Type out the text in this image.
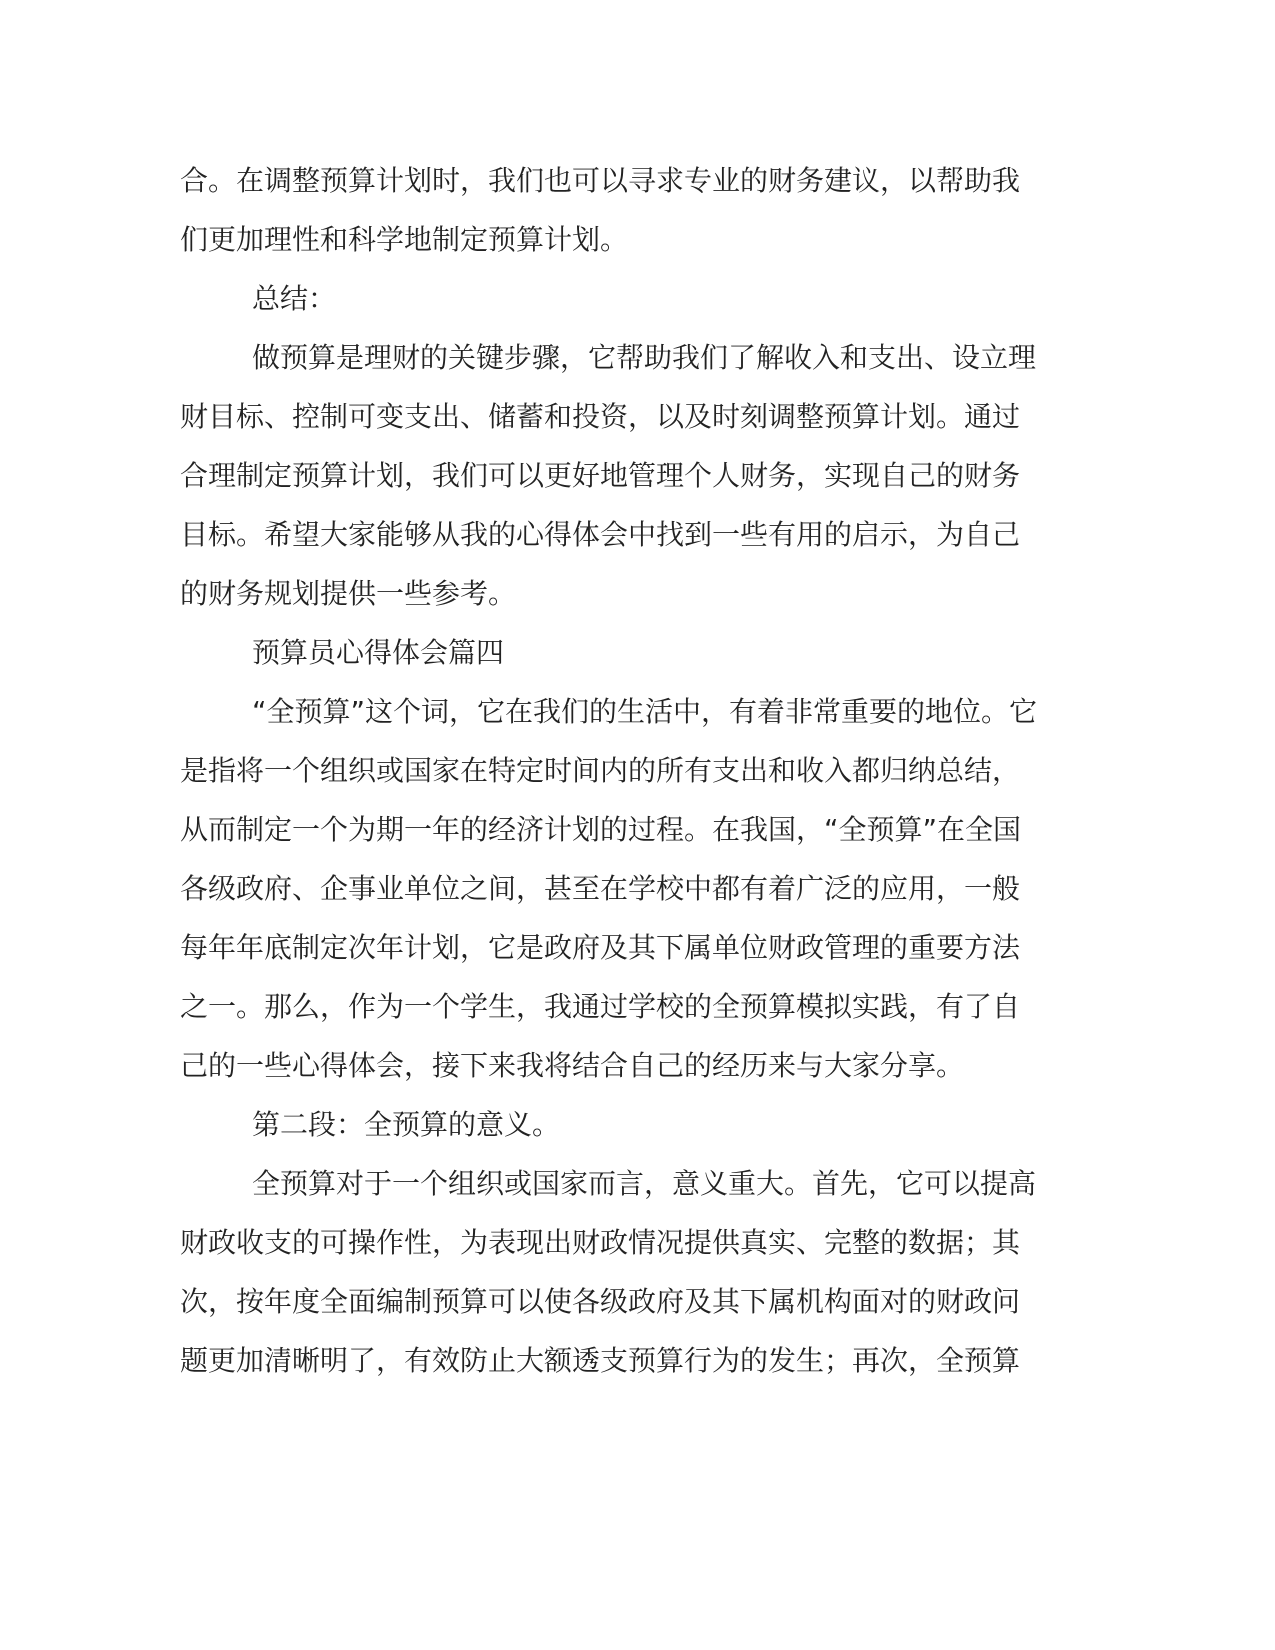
合。在调整预算计划时，我们也可以寻求专业的财务建议，以帮助我
们更加理性和科学地制定预算计划。
总结：
做预算是理财的关键步骤，它帮助我们了解收入和支出、设立理
财目标、控制可变支出、储蓄和投资，以及时刻调整预算计划。通过
合理制定预算计划，我们可以更好地管理个人财务，实现自己的财务
目标。希望大家能够从我的心得体会中找到一些有用的启示，为自己
的财务规划提供一些参考。
预算员心得体会篇四
“全预算”这个词，它在我们的生活中，有着非常重要的地位。它
是指将一个组织或国家在特定时间内的所有支出和收入都归纳总结，
从而制定一个为期一年的经济计划的过程。在我国，“全预算”在全国
各级政府、企事业单位之间，甚至在学校中都有着广泛的应用，一般
每年年底制定次年计划，它是政府及其下属单位财政管理的重要方法
之一。那么，作为一个学生，我通过学校的全预算模拟实践，有了自
己的一些心得体会，接下来我将结合自己的经历来与大家分享。
第二段：全预算的意义。
全预算对于一个组织或国家而言，意义重大。首先，它可以提高
财政收支的可操作性，为表现出财政情况提供真实、完整的数据；其
次，按年度全面编制预算可以使各级政府及其下属机构面对的财政问
题更加清晰明了，有效防止大额透支预算行为的发生；再次，全预算
